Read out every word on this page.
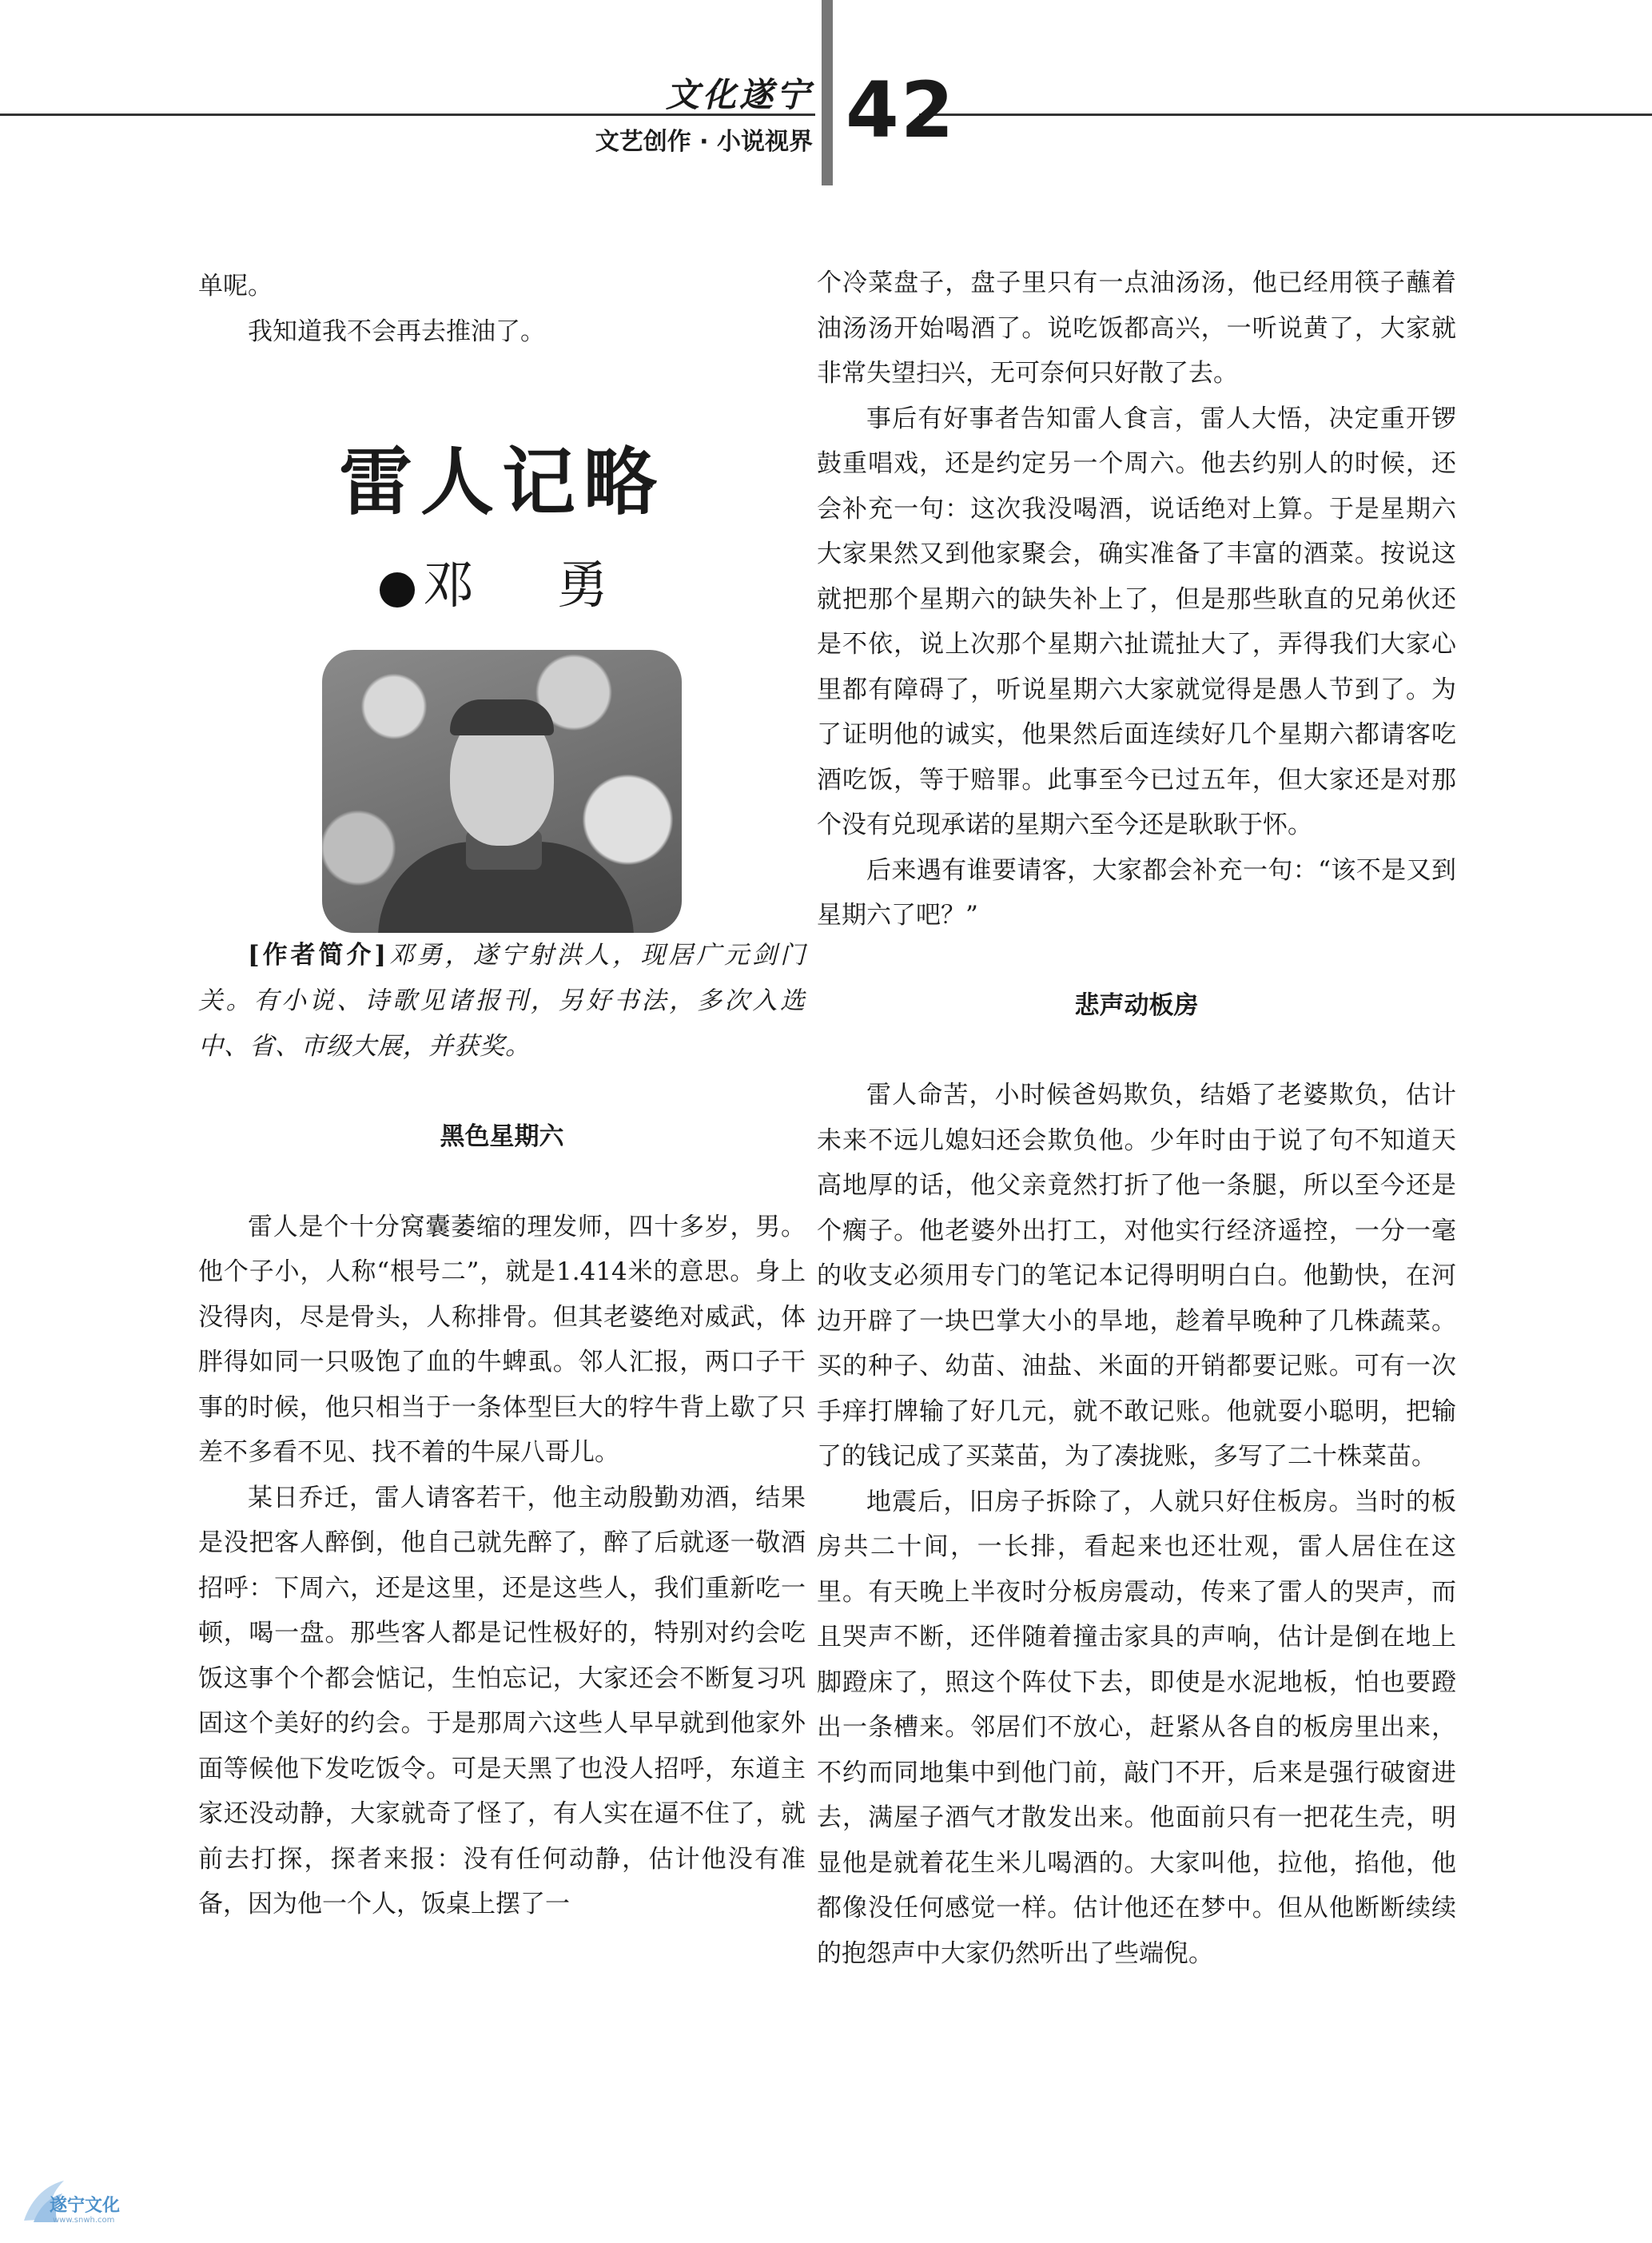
文化遂宁
文艺创作 · 小说视界 42

单呢。

我知道我不会再去推油了。

雷人记略
邓　勇

[作者简介]邓勇，遂宁射洪人，现居广元剑门关。有小说、诗歌见诸报刊，另好书法，多次入选中、省、市级大展，并获奖。

黑色星期六

雷人是个十分窝囊萎缩的理发师，四十多岁，男。他个子小，人称“根号二”，就是1.414米的意思。身上没得肉，尽是骨头，人称排骨。但其老婆绝对威武，体胖得如同一只吸饱了血的牛蜱虱。邻人汇报，两口子干事的时候，他只相当于一条体型巨大的牸牛背上歇了只差不多看不见、找不着的牛屎八哥儿。

某日乔迁，雷人请客若干，他主动殷勤劝酒，结果是没把客人醉倒，他自己就先醉了，醉了后就逐一敬酒招呼：下周六，还是这里，还是这些人，我们重新吃一顿，喝一盘。那些客人都是记性极好的，特别对约会吃饭这事个个都会惦记，生怕忘记，大家还会不断复习巩固这个美好的约会。于是那周六这些人早早就到他家外面等候他下发吃饭令。可是天黑了也没人招呼，东道主家还没动静，大家就奇了怪了，有人实在逼不住了，就前去打探，探者来报：没有任何动静，估计他没有准备，因为他一个人，饭桌上摆了一

个冷菜盘子，盘子里只有一点油汤汤，他已经用筷子蘸着油汤汤开始喝酒了。说吃饭都高兴，一听说黄了，大家就非常失望扫兴，无可奈何只好散了去。

事后有好事者告知雷人食言，雷人大悟，决定重开锣鼓重唱戏，还是约定另一个周六。他去约别人的时候，还会补充一句：这次我没喝酒，说话绝对上算。于是星期六大家果然又到他家聚会，确实准备了丰富的酒菜。按说这就把那个星期六的缺失补上了，但是那些耿直的兄弟伙还是不依，说上次那个星期六扯谎扯大了，弄得我们大家心里都有障碍了，听说星期六大家就觉得是愚人节到了。为了证明他的诚实，他果然后面连续好几个星期六都请客吃酒吃饭，等于赔罪。此事至今已过五年，但大家还是对那个没有兑现承诺的星期六至今还是耿耿于怀。

后来遇有谁要请客，大家都会补充一句：“该不是又到星期六了吧？”

悲声动板房

雷人命苦，小时候爸妈欺负，结婚了老婆欺负，估计未来不远儿媳妇还会欺负他。少年时由于说了句不知道天高地厚的话，他父亲竟然打折了他一条腿，所以至今还是个瘸子。他老婆外出打工，对他实行经济遥控，一分一毫的收支必须用专门的笔记本记得明明白白。他勤快，在河边开辟了一块巴掌大小的旱地，趁着早晚种了几株蔬菜。买的种子、幼苗、油盐、米面的开销都要记账。可有一次手痒打牌输了好几元，就不敢记账。他就耍小聪明，把输了的钱记成了买菜苗，为了凑拢账，多写了二十株菜苗。

地震后，旧房子拆除了，人就只好住板房。当时的板房共二十间，一长排，看起来也还壮观，雷人居住在这里。有天晚上半夜时分板房震动，传来了雷人的哭声，而且哭声不断，还伴随着撞击家具的声响，估计是倒在地上脚蹬床了，照这个阵仗下去，即使是水泥地板，怕也要蹬出一条槽来。邻居们不放心，赶紧从各自的板房里出来，不约而同地集中到他门前，敲门不开，后来是强行破窗进去，满屋子酒气才散发出来。他面前只有一把花生壳，明显他是就着花生米儿喝酒的。大家叫他，拉他，掐他，他都像没任何感觉一样。估计他还在梦中。但从他断断续续的抱怨声中大家仍然听出了些端倪。

遂宁文化
www.snwh.com
